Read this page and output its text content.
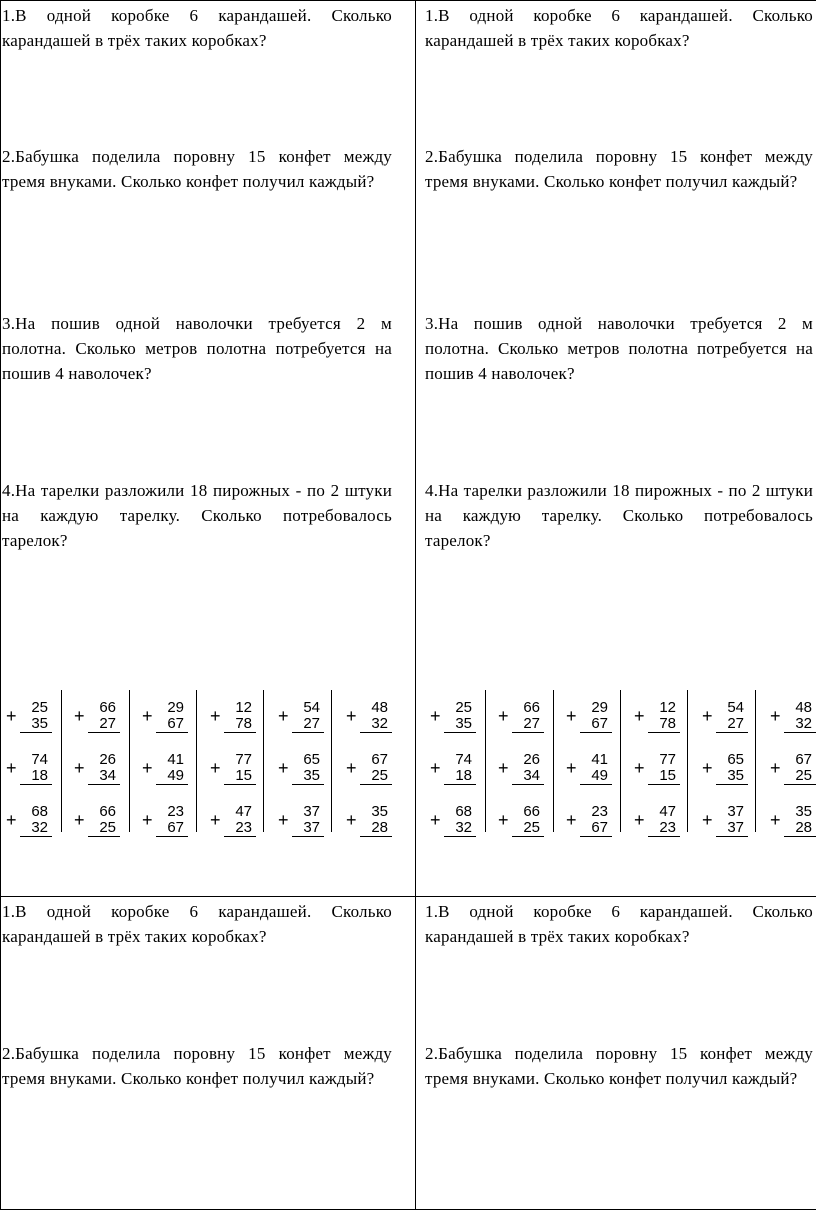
1.В одной коробке 6 карандашей. Сколько карандашей в трёх таких коробках?
2.Бабушка поделила поровну 15 конфет между тремя внуками. Сколько конфет получил каждый?
3.На пошив одной наволочки требуется 2 м полотна. Сколько метров полотна потребуется на пошив 4 наволочек?
4.На тарелки разложили 18 пирожных - по 2 штуки на каждую тарелку. Сколько потребовалось тарелок?
1.В одной коробке 6 карандашей. Сколько карандашей в трёх таких коробках?
2.Бабушка поделила поровну 15 конфет между тремя внуками. Сколько конфет получил каждый?
3.На пошив одной наволочки требуется 2 м полотна. Сколько метров полотна потребуется на пошив 4 наволочек?
4.На тарелки разложили 18 пирожных - по 2 штуки на каждую тарелку. Сколько потребовалось тарелок?
+ 25
35
+ 74
18
+ 68
32
+ 66
27
+ 26
34
+ 66
25
+ 29
67
+ 41
49
+ 23
67
+ 12
78
+ 77
15
+ 47
23
+ 54
27
+ 65
35
+ 37
37
+ 48
32
+ 67
25
+ 35
28
+ 25
35
+ 74
18
+ 68
32
+ 66
27
+ 26
34
+ 66
25
+ 29
67
+ 41
49
+ 23
67
+ 12
78
+ 77
15
+ 47
23
+ 54
27
+ 65
35
+ 37
37
+ 48
32
+ 67
25
+ 35
28
1.В одной коробке 6 карандашей. Сколько карандашей в трёх таких коробках?
2.Бабушка поделила поровну 15 конфет между тремя внуками. Сколько конфет получил каждый?
1.В одной коробке 6 карандашей. Сколько карандашей в трёх таких коробках?
2.Бабушка поделила поровну 15 конфет между тремя внуками. Сколько конфет получил каждый?
